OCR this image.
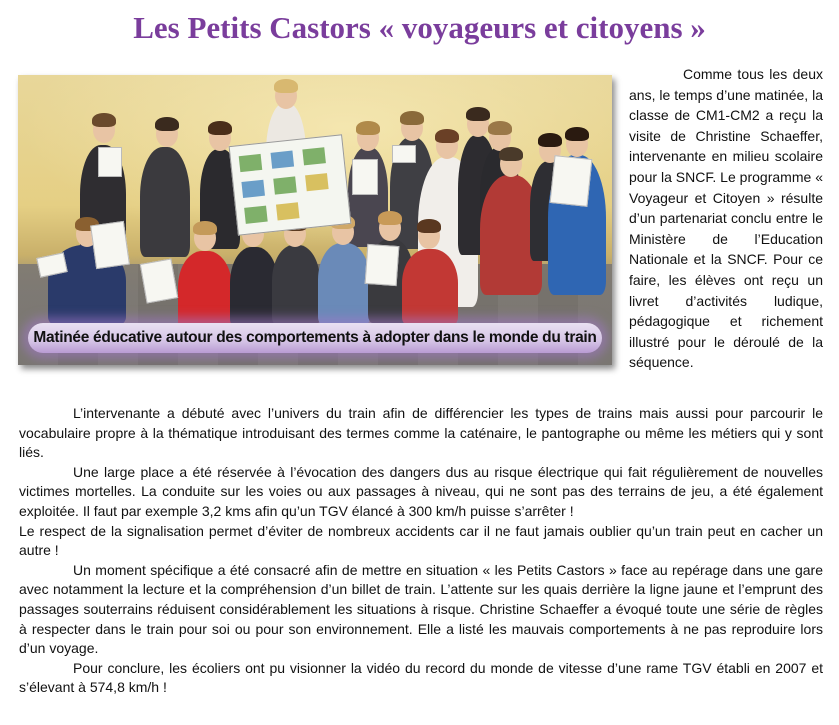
Les Petits Castors « voyageurs et citoyens »
Matinée éducative autour des comportements à adopter dans le monde du train
Comme tous les deux ans, le temps d’une matinée, la classe de CM1-CM2 a reçu la visite de Christine Schaeffer, intervenante en milieu scolaire pour la SNCF. Le programme « Voyageur et Citoyen » résulte d’un partenariat conclu entre le Ministère de l’Education Nationale et la SNCF. Pour ce faire, les élèves ont reçu un livret d’activités ludique, pédagogique et richement illustré pour le déroulé de la séquence.

L’intervenante a débuté avec l’univers du train afin de différencier les types de trains mais aussi pour parcourir le vocabulaire propre à la thématique introduisant des termes comme la caténaire, le pantographe ou même les métiers qui y sont liés.

Une large place a été réservée à l’évocation des dangers dus au risque électrique qui fait régulièrement de nouvelles victimes mortelles. La conduite sur les voies ou aux passages à niveau, qui ne sont pas des terrains de jeu, a été également exploitée. Il faut par exemple 3,2 kms afin qu’un TGV élancé à 300 km/h puisse s’arrêter !

Le respect de la signalisation permet d’éviter de nombreux accidents car il ne faut jamais oublier qu’un train peut en cacher un autre !

Un moment spécifique a été consacré afin de mettre en situation « les Petits Castors » face au repérage dans une gare avec notamment la lecture et la compréhension d’un billet de train. L’attente sur les quais derrière la ligne jaune et l’emprunt des passages souterrains réduisent considérablement les situations à risque. Christine Schaeffer a évoqué toute une série de règles à respecter dans le train pour soi ou pour son environnement. Elle a listé les mauvais comportements à ne pas reproduire lors d’un voyage.

Pour conclure, les écoliers ont pu visionner la vidéo du record du monde de vitesse d’une rame TGV établi en 2007 et s’élevant à 574,8 km/h !
